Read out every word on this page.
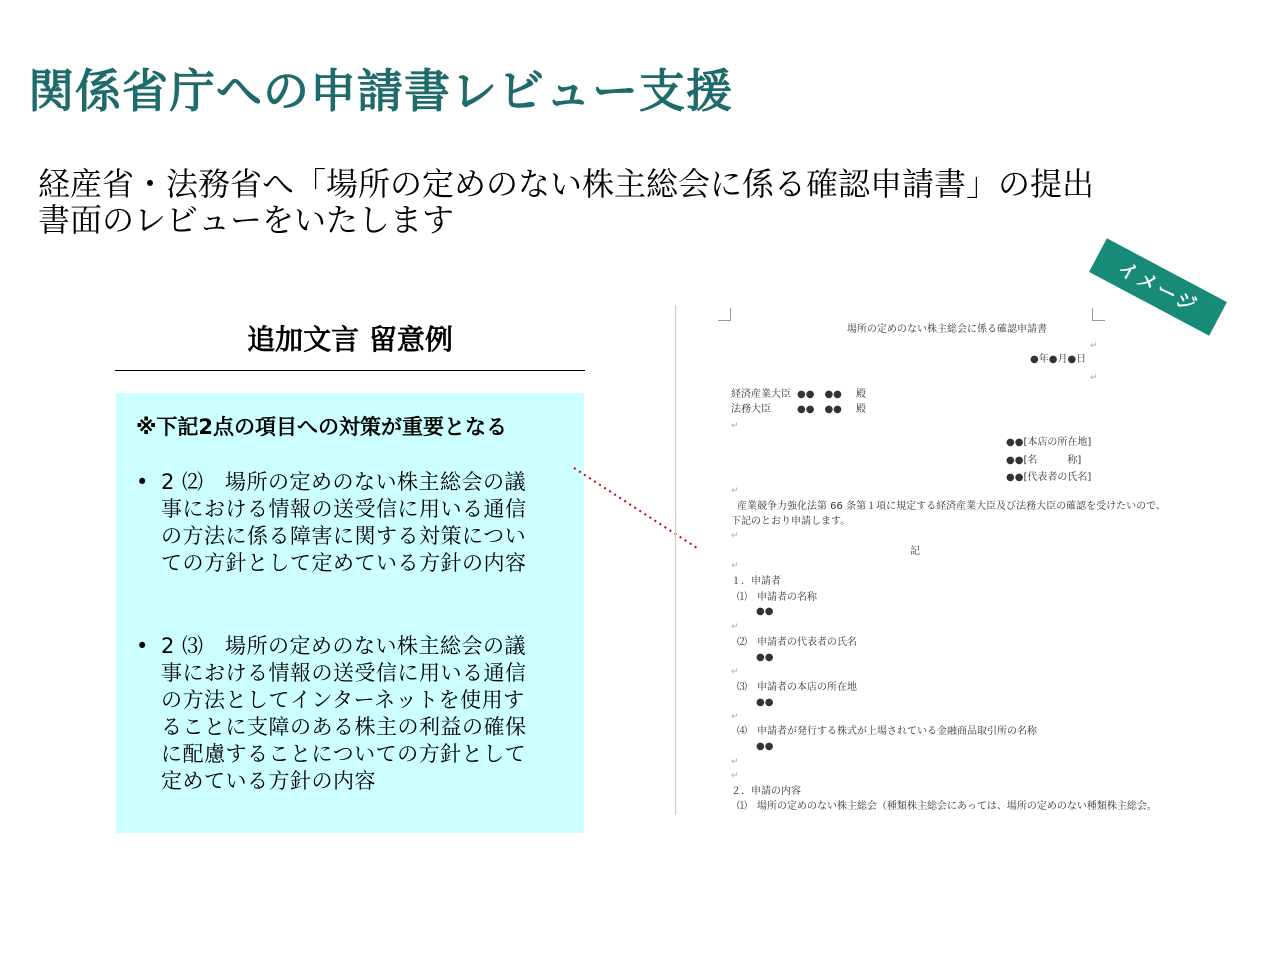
関係省庁への申請書レビュー支援
経産省・法務省へ「場所の定めのない株主総会に係る確認申請書」の提出
書面のレビューをいたします
追加文言 留意例

※下記2点の項目への対策が重要となる

• 2 ⑵　場所の定めのない株主総会の議
事における情報の送受信に用いる通信
の方法に係る障害に関する対策につい
ての方針として定めている方針の内容
• 2 ⑶　場所の定めのない株主総会の議
事における情報の送受信に用いる通信
の方法としてインターネットを使用す
ることに支障のある株主の利益の確保
に配慮することについての方針として
定めている方針の内容
場所の定めのない株主総会に係る確認申請書
●年●月●日
経済産業大臣 ●●　●● 殿
法務大臣	●●　●● 殿
●●[本店の所在地]
●●[名　　　称]
●●[代表者の氏名]
産業競争力強化法第 66 条第１項に規定する経済産業大臣及び法務大臣の確認を受けたいので、
下記のとおり申請します。
記
１．申請者
⑴　申請者の名称
●●
⑵　申請者の代表者の氏名
●●
⑶　申請者の本店の所在地
●●
⑷　申請者が発行する株式が上場されている金融商品取引所の名称
●●
２．申請の内容
⑴　場所の定めのない株主総会（種類株主総会にあっては、場所の定めのない種類株主総会。
↵
↵
↵
↵
↵
↵
↵
↵
↵
↵
↵
イメージ
